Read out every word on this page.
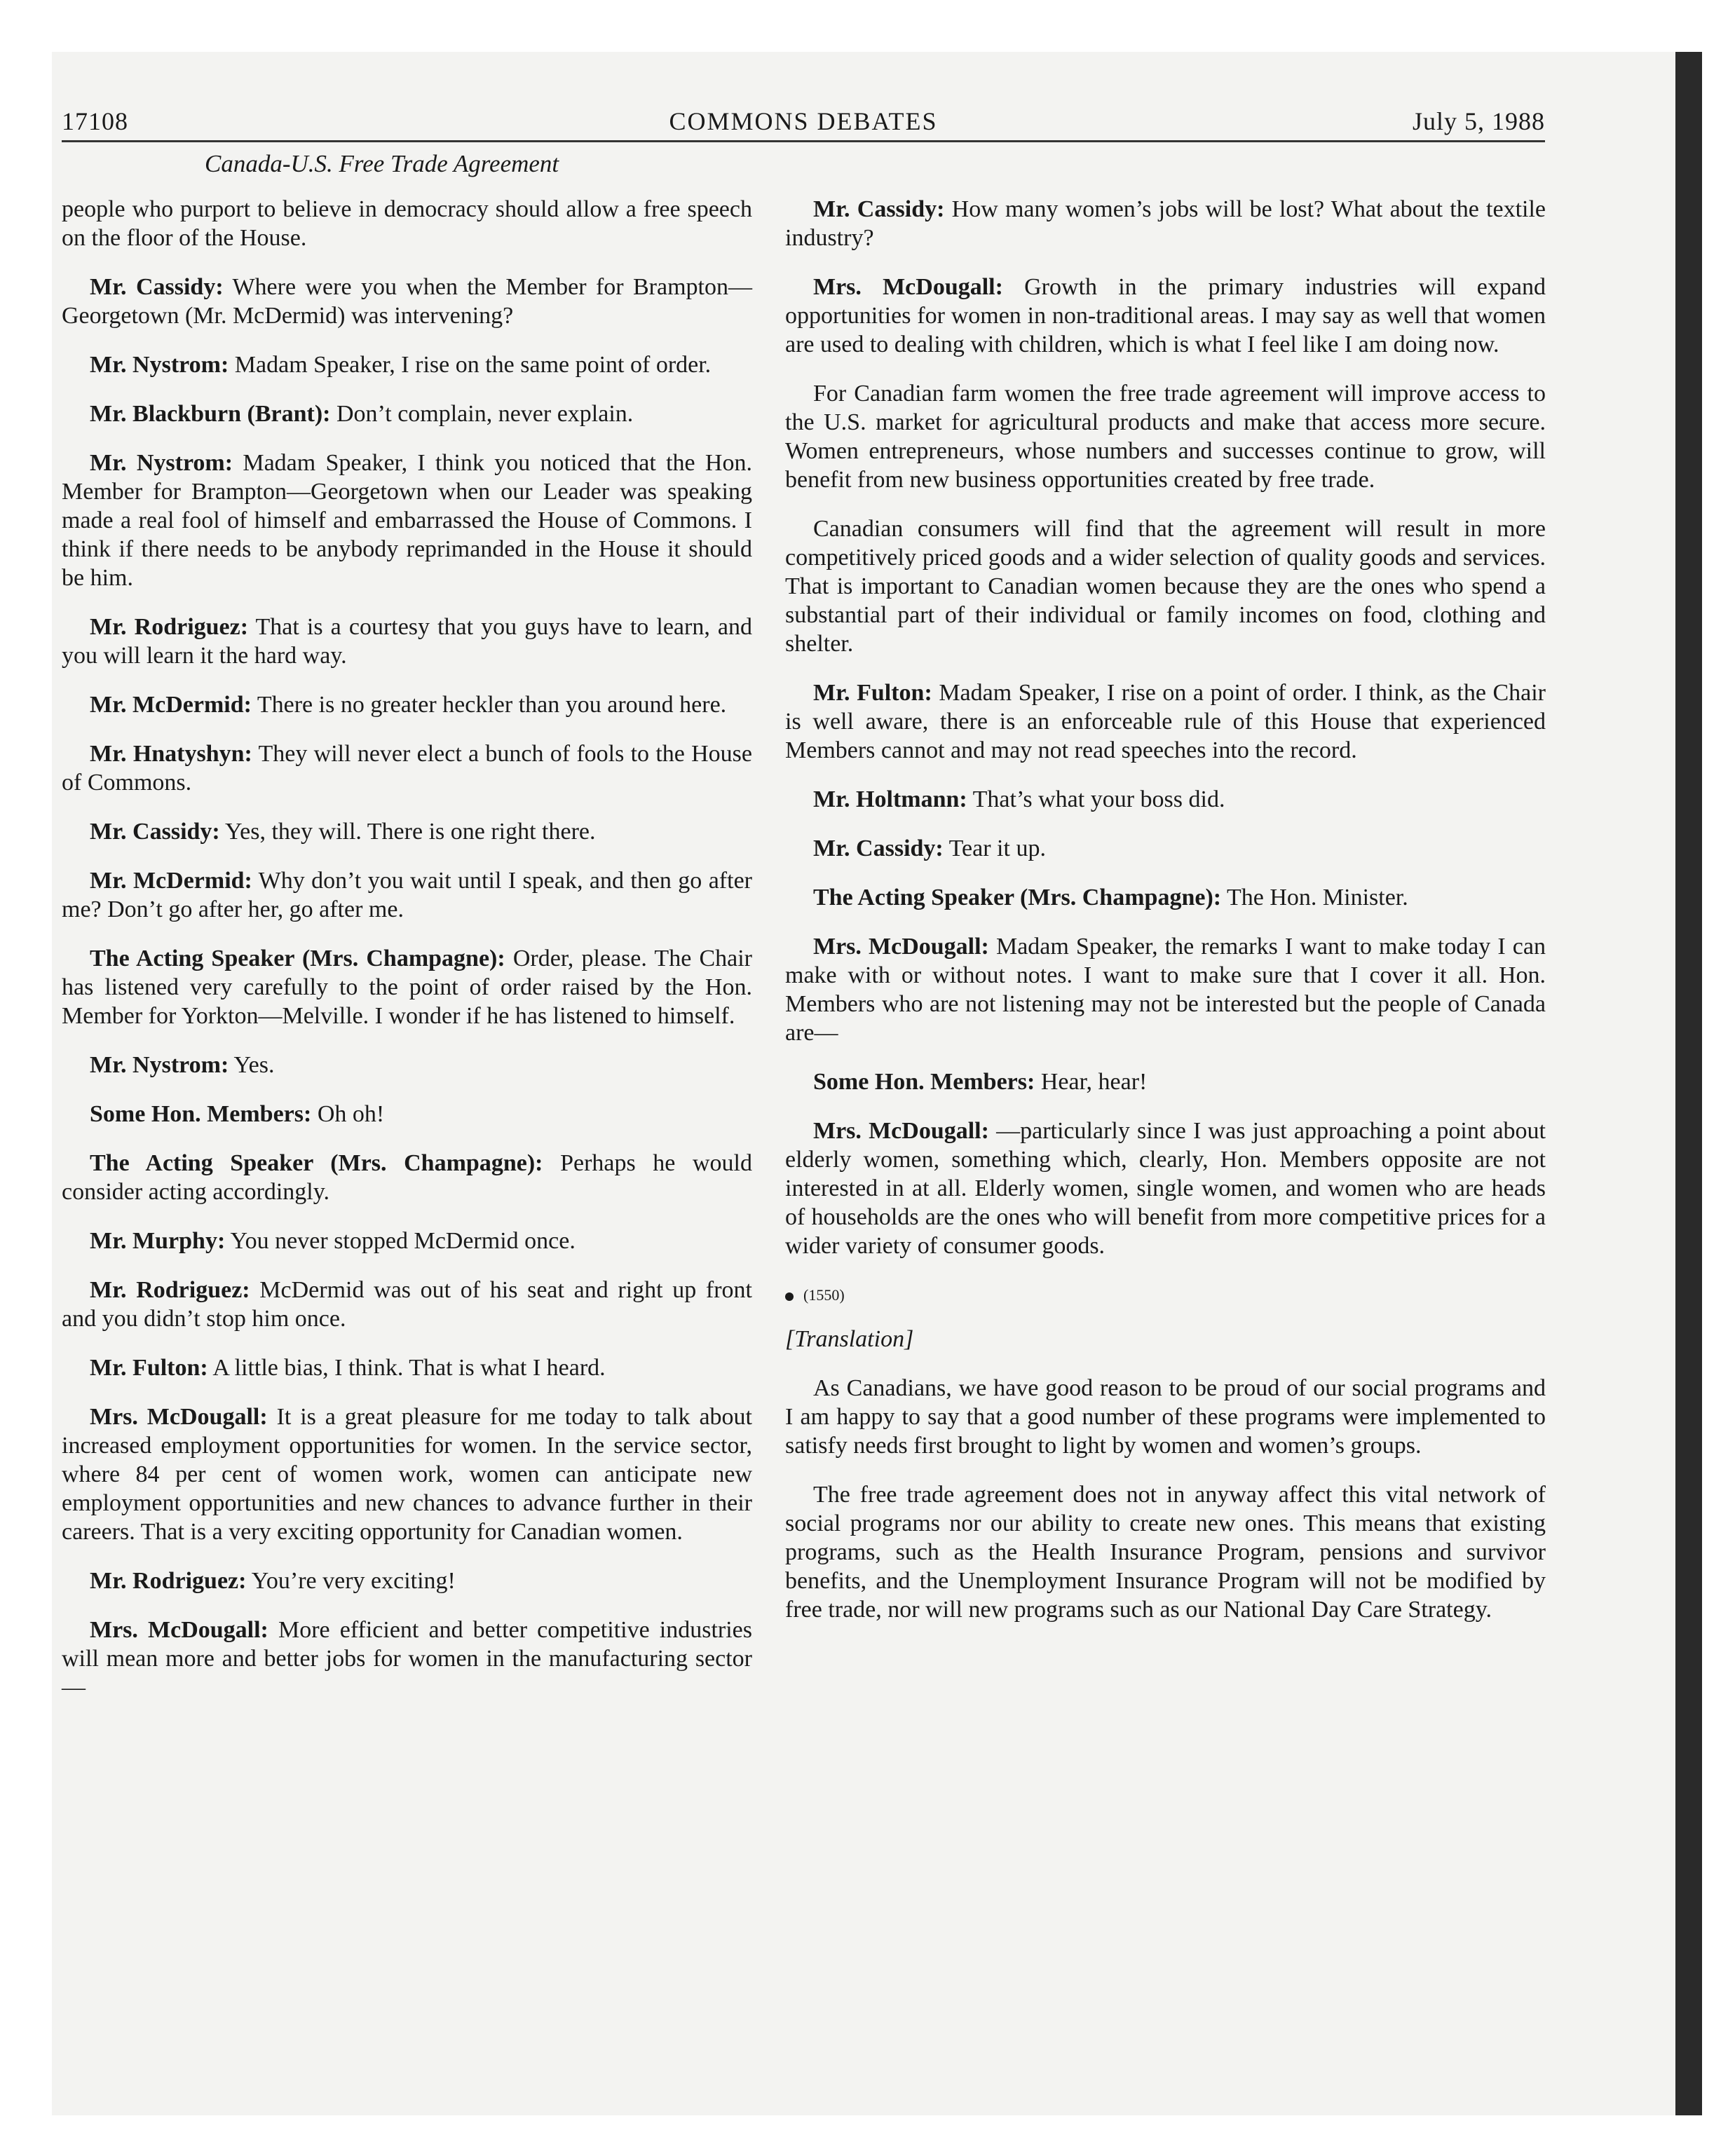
17108	COMMONS DEBATES	July 5, 1988
Canada-U.S. Free Trade Agreement

people who purport to believe in democracy should allow a free speech on the floor of the House.

Mr. Cassidy: Where were you when the Member for Brampton—Georgetown (Mr. McDermid) was intervening?

Mr. Nystrom: Madam Speaker, I rise on the same point of order.

Mr. Blackburn (Brant): Don’t complain, never explain.

Mr. Nystrom: Madam Speaker, I think you noticed that the Hon. Member for Brampton—Georgetown when our Leader was speaking made a real fool of himself and embarrassed the House of Commons. I think if there needs to be anybody reprimanded in the House it should be him.

Mr. Rodriguez: That is a courtesy that you guys have to learn, and you will learn it the hard way.

Mr. McDermid: There is no greater heckler than you around here.

Mr. Hnatyshyn: They will never elect a bunch of fools to the House of Commons.

Mr. Cassidy: Yes, they will. There is one right there.

Mr. McDermid: Why don’t you wait until I speak, and then go after me? Don’t go after her, go after me.

The Acting Speaker (Mrs. Champagne): Order, please. The Chair has listened very carefully to the point of order raised by the Hon. Member for Yorkton—Melville. I wonder if he has listened to himself.

Mr. Nystrom: Yes.

Some Hon. Members: Oh oh!

The Acting Speaker (Mrs. Champagne): Perhaps he would consider acting accordingly.

Mr. Murphy: You never stopped McDermid once.

Mr. Rodriguez: McDermid was out of his seat and right up front and you didn’t stop him once.

Mr. Fulton: A little bias, I think. That is what I heard.

Mrs. McDougall: It is a great pleasure for me today to talk about increased employment opportunities for women. In the service sector, where 84 per cent of women work, women can anticipate new employment opportunities and new chances to advance further in their careers. That is a very exciting opportunity for Canadian women.

Mr. Rodriguez: You’re very exciting!

Mrs. McDougall: More efficient and better competitive industries will mean more and better jobs for women in the manufacturing sector—

Mr. Cassidy: How many women’s jobs will be lost? What about the textile industry?

Mrs. McDougall: Growth in the primary industries will expand opportunities for women in non-traditional areas. I may say as well that women are used to dealing with children, which is what I feel like I am doing now.

For Canadian farm women the free trade agreement will improve access to the U.S. market for agricultural products and make that access more secure. Women entrepreneurs, whose numbers and successes continue to grow, will benefit from new business opportunities created by free trade.

Canadian consumers will find that the agreement will result in more competitively priced goods and a wider selection of quality goods and services. That is important to Canadian women because they are the ones who spend a substantial part of their individual or family incomes on food, clothing and shelter.

Mr. Fulton: Madam Speaker, I rise on a point of order. I think, as the Chair is well aware, there is an enforceable rule of this House that experienced Members cannot and may not read speeches into the record.

Mr. Holtmann: That’s what your boss did.

Mr. Cassidy: Tear it up.

The Acting Speaker (Mrs. Champagne): The Hon. Minister.

Mrs. McDougall: Madam Speaker, the remarks I want to make today I can make with or without notes. I want to make sure that I cover it all. Hon. Members who are not listening may not be interested but the people of Canada are—

Some Hon. Members: Hear, hear!

Mrs. McDougall: —particularly since I was just approaching a point about elderly women, something which, clearly, Hon. Members opposite are not interested in at all. Elderly women, single women, and women who are heads of households are the ones who will benefit from more competitive prices for a wider variety of consumer goods.

(1550)

[Translation]

As Canadians, we have good reason to be proud of our social programs and I am happy to say that a good number of these programs were implemented to satisfy needs first brought to light by women and women’s groups.

The free trade agreement does not in anyway affect this vital network of social programs nor our ability to create new ones. This means that existing programs, such as the Health Insurance Program, pensions and survivor benefits, and the Unemployment Insurance Program will not be modified by free trade, nor will new programs such as our National Day Care Strategy.
